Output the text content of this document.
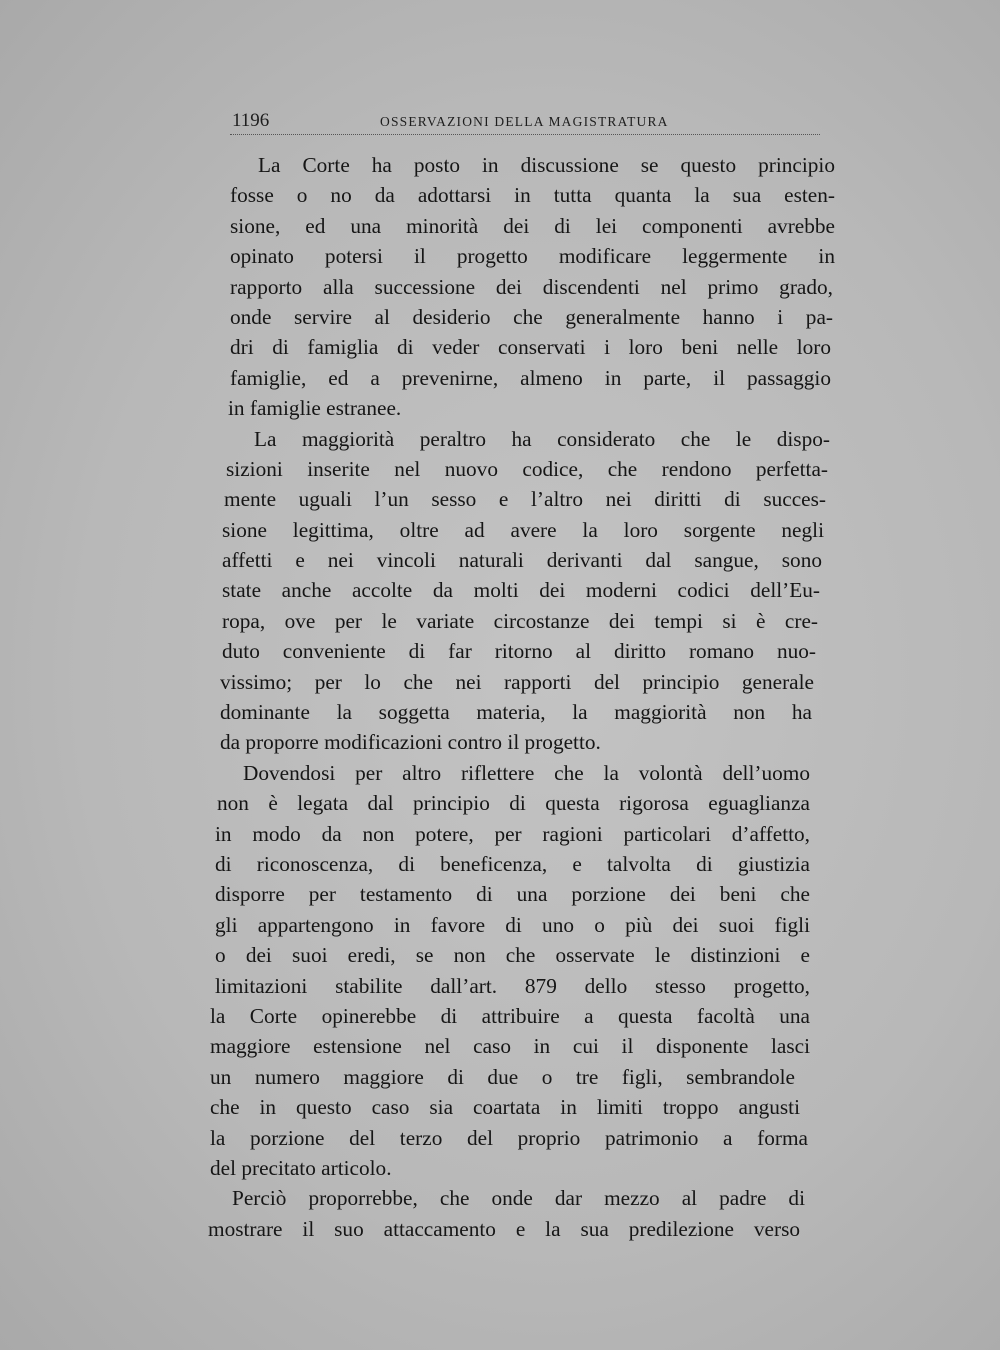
1196	OSSERVAZIONI DELLA MAGISTRATURA
La Corte ha posto in discussione se questo principio
fosse o no da adottarsi in tutta quanta la sua esten-
sione, ed una minorità dei di lei componenti avrebbe
opinato potersi il progetto modificare leggermente in
rapporto alla successione dei discendenti nel primo grado,
onde servire al desiderio che generalmente hanno i pa-
dri di famiglia di veder conservati i loro beni nelle loro
famiglie, ed a prevenirne, almeno in parte, il passaggio
in famiglie estranee.
La maggiorità peraltro ha considerato che le dispo-
sizioni inserite nel nuovo codice, che rendono perfetta-
mente uguali l’un sesso e l’altro nei diritti di succes-
sione legittima, oltre ad avere la loro sorgente negli
affetti e nei vincoli naturali derivanti dal sangue, sono
state anche accolte da molti dei moderni codici dell’Eu-
ropa, ove per le variate circostanze dei tempi si è cre-
duto conveniente di far ritorno al diritto romano nuo-
vissimo; per lo che nei rapporti del principio generale
dominante la soggetta materia, la maggiorità non ha
da proporre modificazioni contro il progetto.
Dovendosi per altro riflettere che la volontà dell’uomo
non è legata dal principio di questa rigorosa eguaglianza
in modo da non potere, per ragioni particolari d’affetto,
di riconoscenza, di beneficenza, e talvolta di giustizia
disporre per testamento di una porzione dei beni che
gli appartengono in favore di uno o più dei suoi figli
o dei suoi eredi, se non che osservate le distinzioni e
limitazioni stabilite dall’art. 879 dello stesso progetto,
la Corte opinerebbe di attribuire a questa facoltà una
maggiore estensione nel caso in cui il disponente lasci
un numero maggiore di due o tre figli, sembrandole
che in questo caso sia coartata in limiti troppo angusti
la porzione del terzo del proprio patrimonio a forma
del precitato articolo.
Perciò proporrebbe, che onde dar mezzo al padre di
mostrare il suo attaccamento e la sua predilezione verso
